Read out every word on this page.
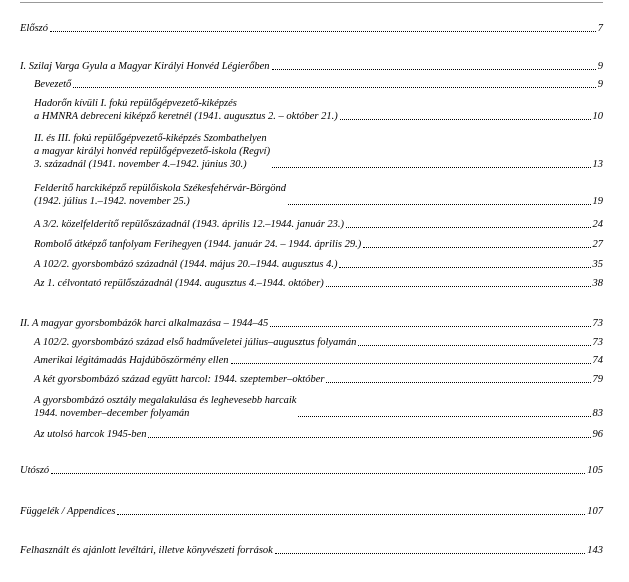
Előszó	7
I. Szilaj Varga Gyula a Magyar Királyi Honvéd Légierőben	9
Bevezető	9
Hadorőn kívüli I. fokú repülőgépvezető-kiképzés
a HMNRA debreceni kiképző keretnél (1941. augusztus 2. – október 21.)	10
II. és III. fokú repülőgépvezető-kiképzés Szombathelyen
a magyar királyi honvéd repülőgépvezető-iskola (Regví)
3. századnál (1941. november 4.–1942. június 30.)	13
Felderítő harckiképző repülőiskola Székesfehérvár-Börgönd
(1942. július 1.–1942. november 25.)	19
A 3/2. közelfelderítő repülőszázadnál (1943. április 12.–1944. január 23.)	24
Rombolő átképző tanfolyam Ferihegyen (1944. január 24. – 1944. április 29.)	27
A 102/2. gyorsbombázó századnál (1944. május 20.–1944. augusztus 4.)	35
Az 1. célvontató repülőszázadnál (1944. augusztus 4.–1944. október)	38
II. A magyar gyorsbombázók harci alkalmazása – 1944–45	73
A 102/2. gyorsbombázó század első hadműveletei július–augusztus folyamán	73
Amerikai légitámadás Hajdúböszörmény ellen	74
A két gyorsbombázó század együtt harcol: 1944. szeptember–október	79
A gyorsbombázó osztály megalakulása és leghevesebb harcaik
1944. november–december folyamán	83
Az utolsó harcok 1945-ben	96
Utószó	105
Függelék / Appendices	107
Felhasznált és ajánlott levéltári, illetve könyvészeti források	143
